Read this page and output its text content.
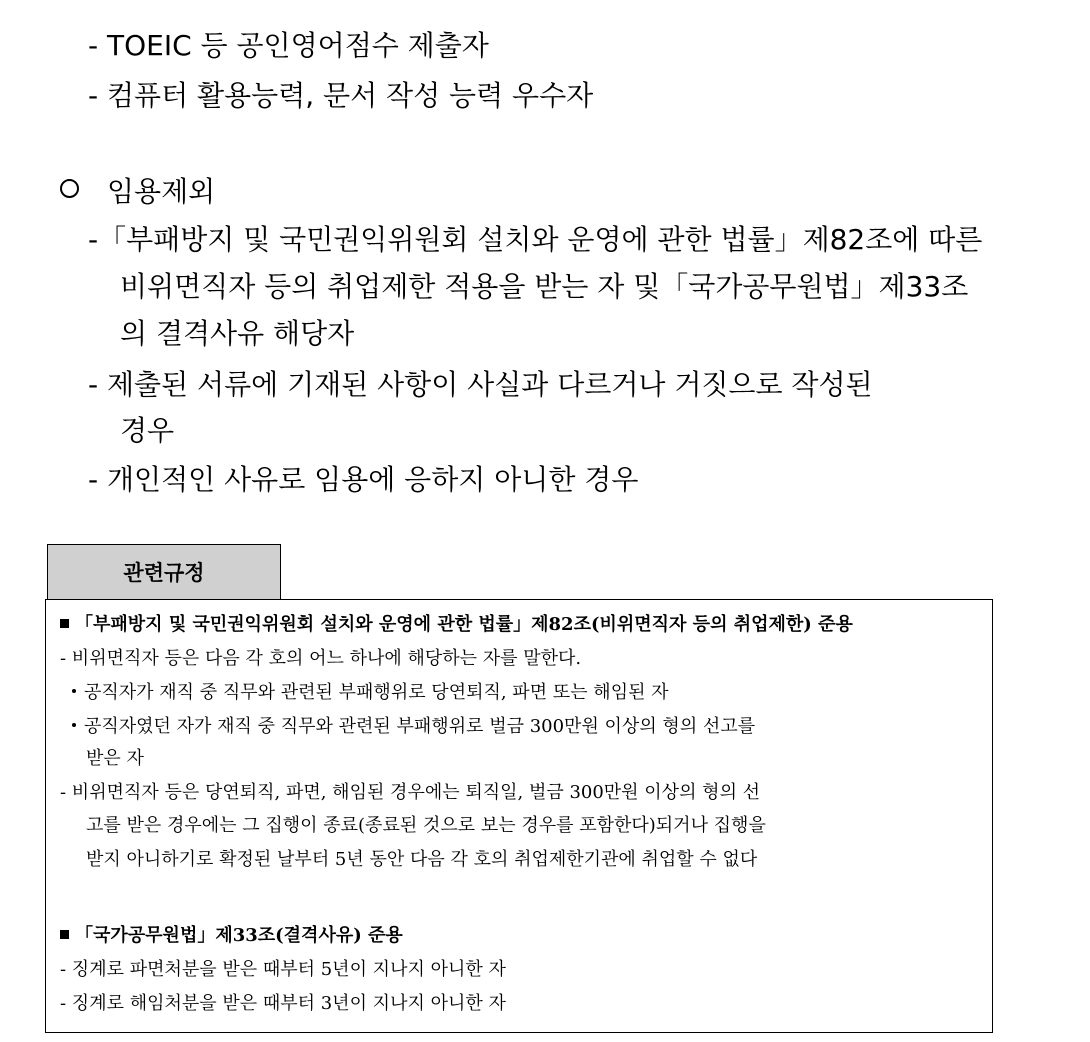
- TOEIC 등 공인영어점수 제출자
- 컴퓨터 활용능력, 문서 작성 능력 우수자
임용제외
-「부패방지 및 국민권익위원회 설치와 운영에 관한 법률」제82조에 따른
비위면직자 등의 취업제한 적용을 받는 자 및「국가공무원법」제33조
의 결격사유 해당자
- 제출된 서류에 기재된 사항이 사실과 다르거나 거짓으로 작성된
경우
- 개인적인 사유로 임용에 응하지 아니한 경우
관련규정
「부패방지 및 국민권익위원회 설치와 운영에 관한 법률」제82조(비위면직자 등의 취업제한) 준용
- 비위면직자 등은 다음 각 호의 어느 하나에 해당하는 자를 말한다.
공직자가 재직 중 직무와 관련된 부패행위로 당연퇴직, 파면 또는 해임된 자
공직자였던 자가 재직 중 직무와 관련된 부패행위로 벌금 300만원 이상의 형의 선고를
받은 자
- 비위면직자 등은 당연퇴직, 파면, 해임된 경우에는 퇴직일, 벌금 300만원 이상의 형의 선
고를 받은 경우에는 그 집행이 종료(종료된 것으로 보는 경우를 포함한다)되거나 집행을
받지 아니하기로 확정된 날부터 5년 동안 다음 각 호의 취업제한기관에 취업할 수 없다
「국가공무원법」제33조(결격사유) 준용
- 징계로 파면처분을 받은 때부터 5년이 지나지 아니한 자
- 징계로 해임처분을 받은 때부터 3년이 지나지 아니한 자
